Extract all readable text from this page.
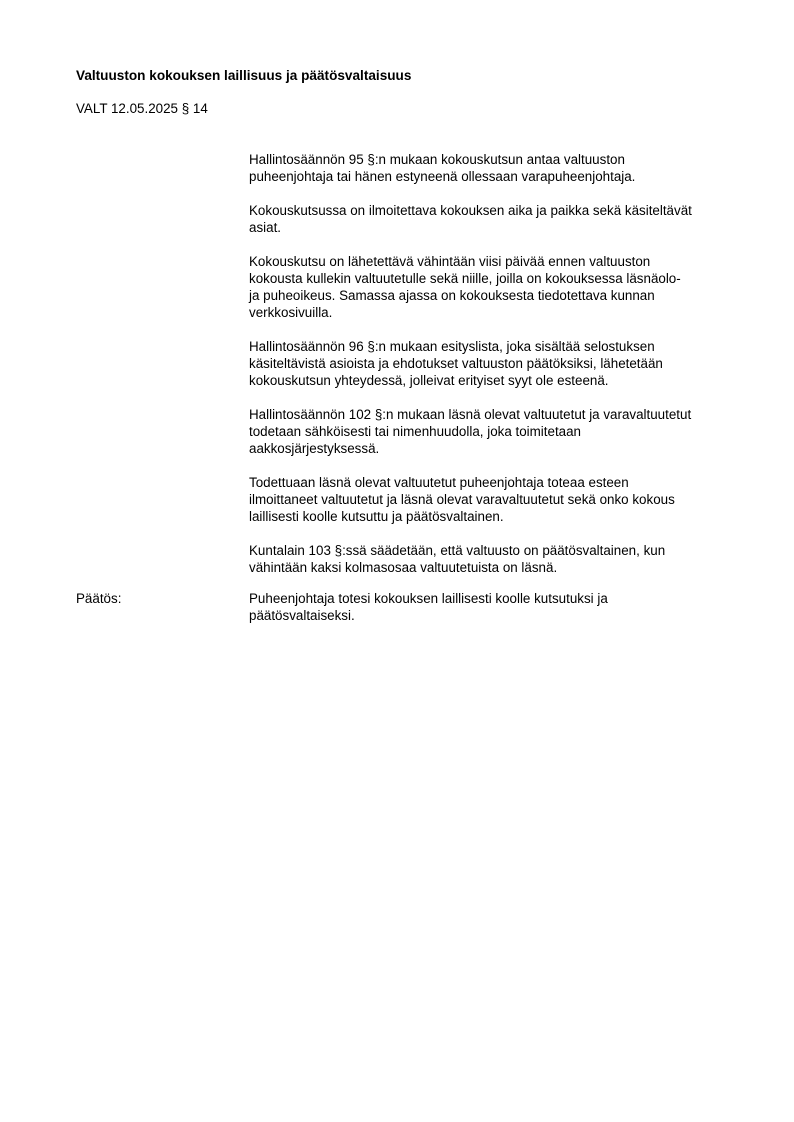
Valtuuston kokouksen laillisuus ja päätösvaltaisuus

VALT 12.05.2025 § 14

Hallintosäännön 95 §:n mukaan kokouskutsun antaa valtuuston
puheenjohtaja tai hänen estyneenä ollessaan varapuheenjohtaja.

Kokouskutsussa on ilmoitettava kokouksen aika ja paikka sekä käsiteltävät
asiat.

Kokouskutsu on lähetettävä vähintään viisi päivää ennen valtuuston
kokousta kullekin valtuutetulle sekä niille, joilla on kokouksessa läsnäolo-
ja puheoikeus. Samassa ajassa on kokouksesta tiedotettava kunnan
verkkosivuilla.

Hallintosäännön 96 §:n mukaan esityslista, joka sisältää selostuksen
käsiteltävistä asioista ja ehdotukset valtuuston päätöksiksi, lähetetään
kokouskutsun yhteydessä, jolleivat erityiset syyt ole esteenä.

Hallintosäännön 102 §:n mukaan läsnä olevat valtuutetut ja varavaltuutetut
todetaan sähköisesti tai nimenhuudolla, joka toimitetaan
aakkosjärjestyksessä.

Todettuaan läsnä olevat valtuutetut puheenjohtaja toteaa esteen
ilmoittaneet valtuutetut ja läsnä olevat varavaltuutetut sekä onko kokous
laillisesti koolle kutsuttu ja päätösvaltainen.

Kuntalain 103 §:ssä säädetään, että valtuusto on päätösvaltainen, kun
vähintään kaksi kolmasosaa valtuutetuista on läsnä.

Päätös:	Puheenjohtaja totesi kokouksen laillisesti koolle kutsutuksi ja
päätösvaltaiseksi.
